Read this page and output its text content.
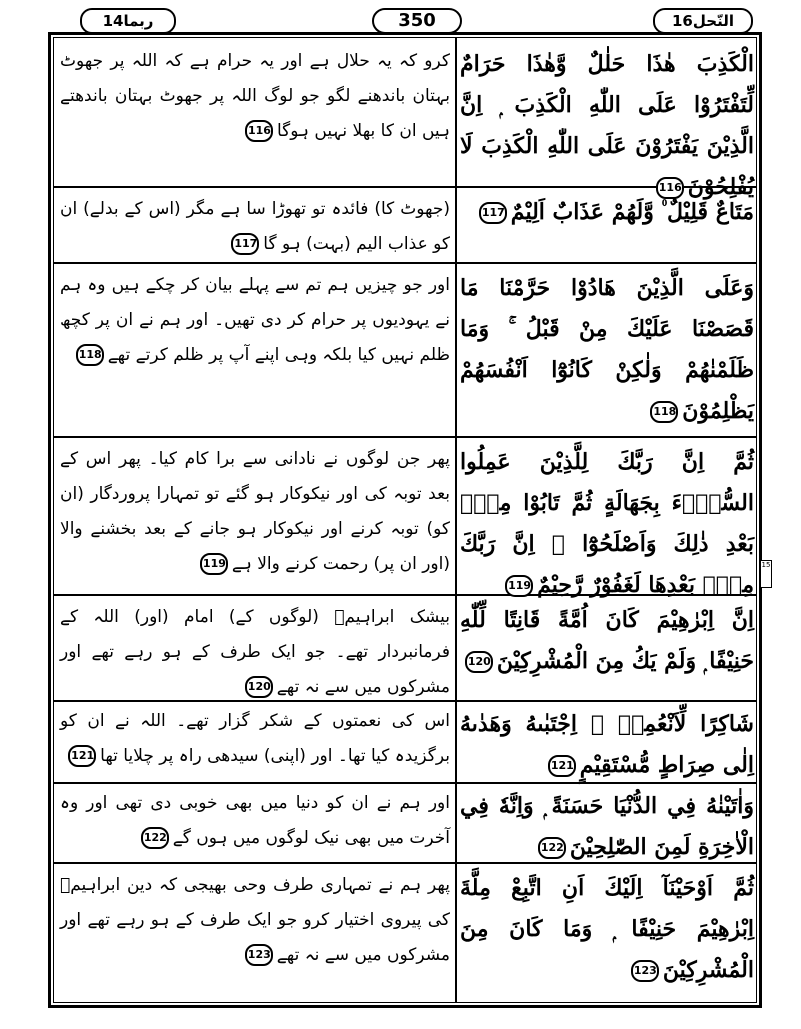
ربما14	350	النّحل16
15
الْكَذِبَ هٰذَا حَلٰلٌ وَّهٰذَا حَرَامٌ لِّتَفْتَرُوْا عَلَى اللّٰهِ الْكَذِبَ ۭ اِنَّ الَّذِيْنَ يَفْتَرُوْنَ عَلَى اللّٰهِ الْكَذِبَ لَا يُفْلِحُوْنَ116
کرو کہ یہ حلال ہے اور یہ حرام ہے کہ اللہ پر جھوٹ بہتان باندھنے لگو جو لوگ اللہ پر جھوٹ بہتان باندھتے ہیں ان کا بھلا نہیں ہوگا116
مَتَاعٌ قَلِيْلٌ ۠ وَّلَهُمْ عَذَابٌ اَلِيْمٌ117
(جھوٹ کا) فائدہ تو تھوڑا سا ہے مگر (اس کے بدلے) ان کو عذاب الیم (بہت) ہو گا117
وَعَلَى الَّذِيْنَ هَادُوْا حَرَّمْنَا مَا قَصَصْنَا عَلَيْكَ مِنْ قَبْلُ ۚ وَمَا ظَلَمْنٰهُمْ وَلٰكِنْ كَانُوْٓا اَنْفُسَهُمْ يَظْلِمُوْنَ118
اور جو چیزیں ہم تم سے پہلے بیان کر چکے ہیں وہ ہم نے یہودیوں پر حرام کر دی تھیں۔ اور ہم نے ان پر کچھ ظلم نہیں کیا بلکہ وہی اپنے آپ پر ظلم کرتے تھے118
ثُمَّ اِنَّ رَبَّكَ لِلَّذِيْنَ عَمِلُوا السُّوْۗءَ بِجَهَالَةٍ ثُمَّ تَابُوْا مِنْۢ بَعْدِ ذٰلِكَ وَاَصْلَحُوْٓا ۙ اِنَّ رَبَّكَ مِنْۢ بَعْدِهَا لَغَفُوْرٌ رَّحِيْمٌ119
پھر جن لوگوں نے نادانی سے برا کام کیا۔ پھر اس کے بعد توبہ کی اور نیکوکار ہو گئے تو تمہارا پروردگار (ان کو) توبہ کرنے اور نیکوکار ہو جانے کے بعد بخشنے والا (اور ان پر) رحمت کرنے والا ہے119
اِنَّ اِبْرٰهِيْمَ كَانَ اُمَّةً قَانِتًا لِّلّٰهِ حَنِيْفًا ۭ وَلَمْ يَكُ مِنَ الْمُشْرِكِيْنَ120
بیشک ابراہیمؑ (لوگوں کے) امام (اور) اللہ کے فرمانبردار تھے۔ جو ایک طرف کے ہو رہے تھے اور مشرکوں میں سے نہ تھے120
شَاكِرًا لِّاَنْعُمِهٖ ۭ اِجْتَبٰىهُ وَهَدٰىهُ اِلٰى صِرَاطٍ مُّسْتَقِيْمٍ121
اس کی نعمتوں کے شکر گزار تھے۔ اللہ نے ان کو برگزیدہ کیا تھا۔ اور (اپنی) سیدھی راہ پر چلایا تھا121
وَاٰتَيْنٰهُ فِي الدُّنْيَا حَسَنَةً ۭ وَاِنَّهٗ فِي الْاٰخِرَةِ لَمِنَ الصّٰلِحِيْنَ122
اور ہم نے ان کو دنیا میں بھی خوبی دی تھی اور وہ آخرت میں بھی نیک لوگوں میں ہوں گے122
ثُمَّ اَوْحَيْنَآ اِلَيْكَ اَنِ اتَّبِعْ مِلَّةَ اِبْرٰهِيْمَ حَنِيْفًا ۭ وَمَا كَانَ مِنَ الْمُشْرِكِيْنَ123
پھر ہم نے تمہاری طرف وحی بھیجی کہ دین ابراہیمؑ کی پیروی اختیار کرو جو ایک طرف کے ہو رہے تھے اور مشرکوں میں سے نہ تھے123
